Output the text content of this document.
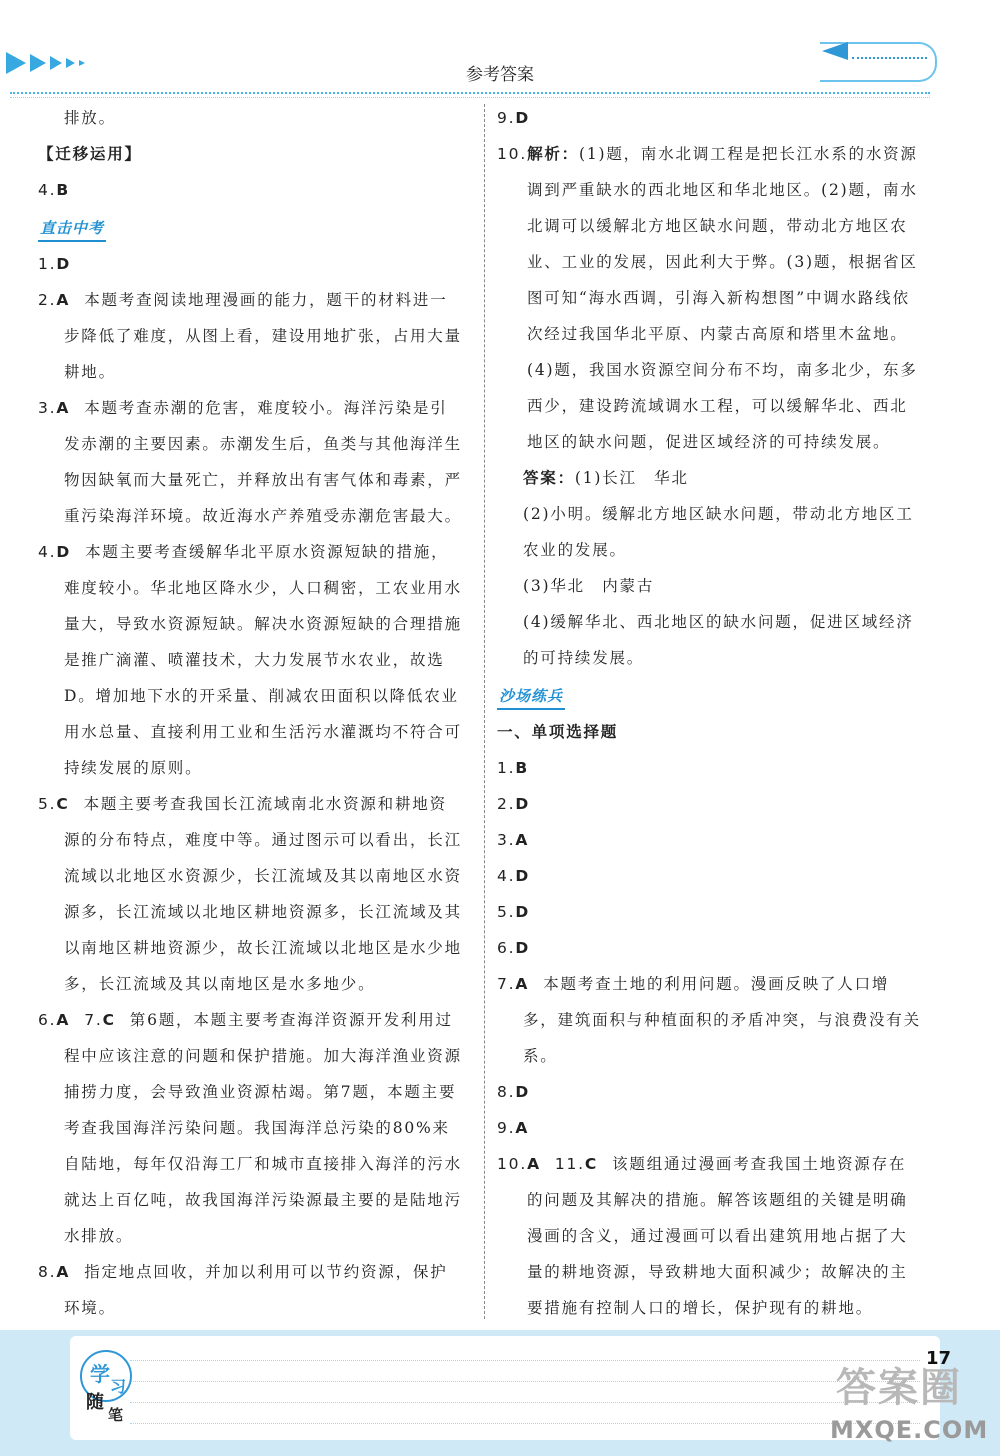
参考答案

排放。

【迁移运用】

4.B

直击中考

1.D

2.A 本题考查阅读地理漫画的能力，题干的材料进一步降低了难度，从图上看，建设用地扩张，占用大量耕地。

3.A 本题考查赤潮的危害，难度较小。海洋污染是引发赤潮的主要因素。赤潮发生后，鱼类与其他海洋生物因缺氧而大量死亡，并释放出有害气体和毒素，严重污染海洋环境。故近海水产养殖受赤潮危害最大。

4.D 本题主要考查缓解华北平原水资源短缺的措施，难度较小。华北地区降水少，人口稠密，工农业用水量大，导致水资源短缺。解决水资源短缺的合理措施是推广滴灌、喷灌技术，大力发展节水农业，故选D。增加地下水的开采量、削减农田面积以降低农业用水总量、直接利用工业和生活污水灌溉均不符合可持续发展的原则。

5.C 本题主要考查我国长江流域南北水资源和耕地资源的分布特点，难度中等。通过图示可以看出，长江流域以北地区水资源少，长江流域及其以南地区水资源多，长江流域以北地区耕地资源多，长江流域及其以南地区耕地资源少，故长江流域以北地区是水少地多，长江流域及其以南地区是水多地少。

6.A 7.C 第6题，本题主要考查海洋资源开发利用过程中应该注意的问题和保护措施。加大海洋渔业资源捕捞力度，会导致渔业资源枯竭。第7题，本题主要考查我国海洋污染问题。我国海洋总污染的80%来自陆地，每年仅沿海工厂和城市直接排入海洋的污水就达上百亿吨，故我国海洋污染源最主要的是陆地污水排放。

8.A 指定地点回收，并加以利用可以节约资源，保护环境。

9.D

10.解析：(1)题，南水北调工程是把长江水系的水资源调到严重缺水的西北地区和华北地区。(2)题，南水北调可以缓解北方地区缺水问题，带动北方地区农业、工业的发展，因此利大于弊。(3)题，根据省区图可知“海水西调，引海入新构想图”中调水路线依次经过我国华北平原、内蒙古高原和塔里木盆地。(4)题，我国水资源空间分布不均，南多北少，东多西少，建设跨流域调水工程，可以缓解华北、西北地区的缺水问题，促进区域经济的可持续发展。

答案：(1)长江　华北

(2)小明。缓解北方地区缺水问题，带动北方地区工农业的发展。

(3)华北　内蒙古

(4)缓解华北、西北地区的缺水问题，促进区域经济的可持续发展。

沙场练兵

一、单项选择题

1.B

2.D

3.A

4.D

5.D

6.D

7.A 本题考查土地的利用问题。漫画反映了人口增多，建筑面积与种植面积的矛盾冲突，与浪费没有关系。

8.D

9.A

10.A 11.C 该题组通过漫画考查我国土地资源存在的问题及其解决的措施。解答该题组的关键是明确漫画的含义，通过漫画可以看出建筑用地占据了大量的耕地资源，导致耕地大面积减少；故解决的主要措施有控制人口的增长，保护现有的耕地。

学
习
随
笔
17
答案圈
MXQE.COM
